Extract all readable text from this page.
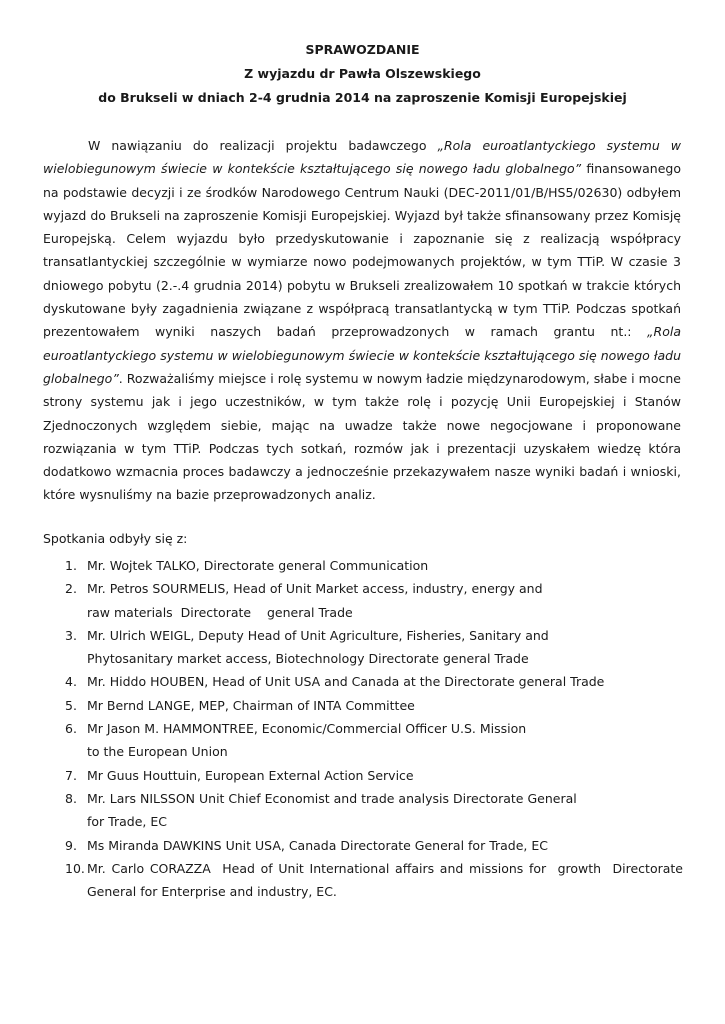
SPRAWOZDANIE
Z wyjazdu dr Pawła Olszewskiego
do Brukseli w dniach 2-4 grudnia 2014 na zaproszenie Komisji Europejskiej

W nawiązaniu do realizacji projektu badawczego „Rola euroatlantyckiego systemu w wielobiegunowym świecie w kontekście kształtującego się nowego ładu globalnego” finansowanego na podstawie decyzji i ze środków Narodowego Centrum Nauki (DEC-2011/01/B/HS5/02630) odbyłem wyjazd do Brukseli na zaproszenie Komisji Europejskiej. Wyjazd był także sfinansowany przez Komisję Europejską. Celem wyjazdu było przedyskutowanie i zapoznanie się z realizacją współpracy transatlantyckiej szczególnie w wymiarze nowo podejmowanych projektów, w tym TTiP. W czasie 3 dniowego pobytu (2.-.4 grudnia 2014) pobytu w Brukseli zrealizowałem 10 spotkań w trakcie których dyskutowane były zagadnienia związane z współpracą transatlantycką w tym TTiP. Podczas spotkań prezentowałem wyniki naszych badań przeprowadzonych w ramach grantu nt.: „Rola euroatlantyckiego systemu w wielobiegunowym świecie w kontekście kształtującego się nowego ładu globalnego”. Rozważaliśmy miejsce i rolę systemu w nowym ładzie międzynarodowym, słabe i mocne strony systemu jak i jego uczestników, w tym także rolę i pozycję Unii Europejskiej i Stanów Zjednoczonych względem siebie, mając na uwadze także nowe negocjowane i proponowane rozwiązania w tym TTiP. Podczas tych sotkań, rozmów jak i prezentacji uzyskałem wiedzę która dodatkowo wzmacnia proces badawczy a jednocześnie przekazywałem nasze wyniki badań i wnioski, które wysnuliśmy na bazie przeprowadzonych analiz.

Spotkania odbyły się z:
1. Mr. Wojtek TALKO, Directorate general Communication
2. Mr. Petros SOURMELIS, Head of Unit Market access, industry, energy and
raw materials  Directorate    general Trade
3. Mr. Ulrich WEIGL, Deputy Head of Unit Agriculture, Fisheries, Sanitary and
Phytosanitary market access, Biotechnology Directorate general Trade
4. Mr. Hiddo HOUBEN, Head of Unit USA and Canada at the Directorate general Trade
5. Mr Bernd LANGE, MEP, Chairman of INTA Committee
6. Mr Jason M. HAMMONTREE, Economic/Commercial Officer U.S. Mission
to the European Union
7. Mr Guus Houttuin, European External Action Service
8. Mr. Lars NILSSON Unit Chief Economist and trade analysis Directorate General
for Trade, EC
9. Ms Miranda DAWKINS Unit USA, Canada Directorate General for Trade, EC
10. Mr. Carlo CORAZZA  Head of Unit International affairs and missions for  growth  Directorate General for Enterprise and industry, EC.
